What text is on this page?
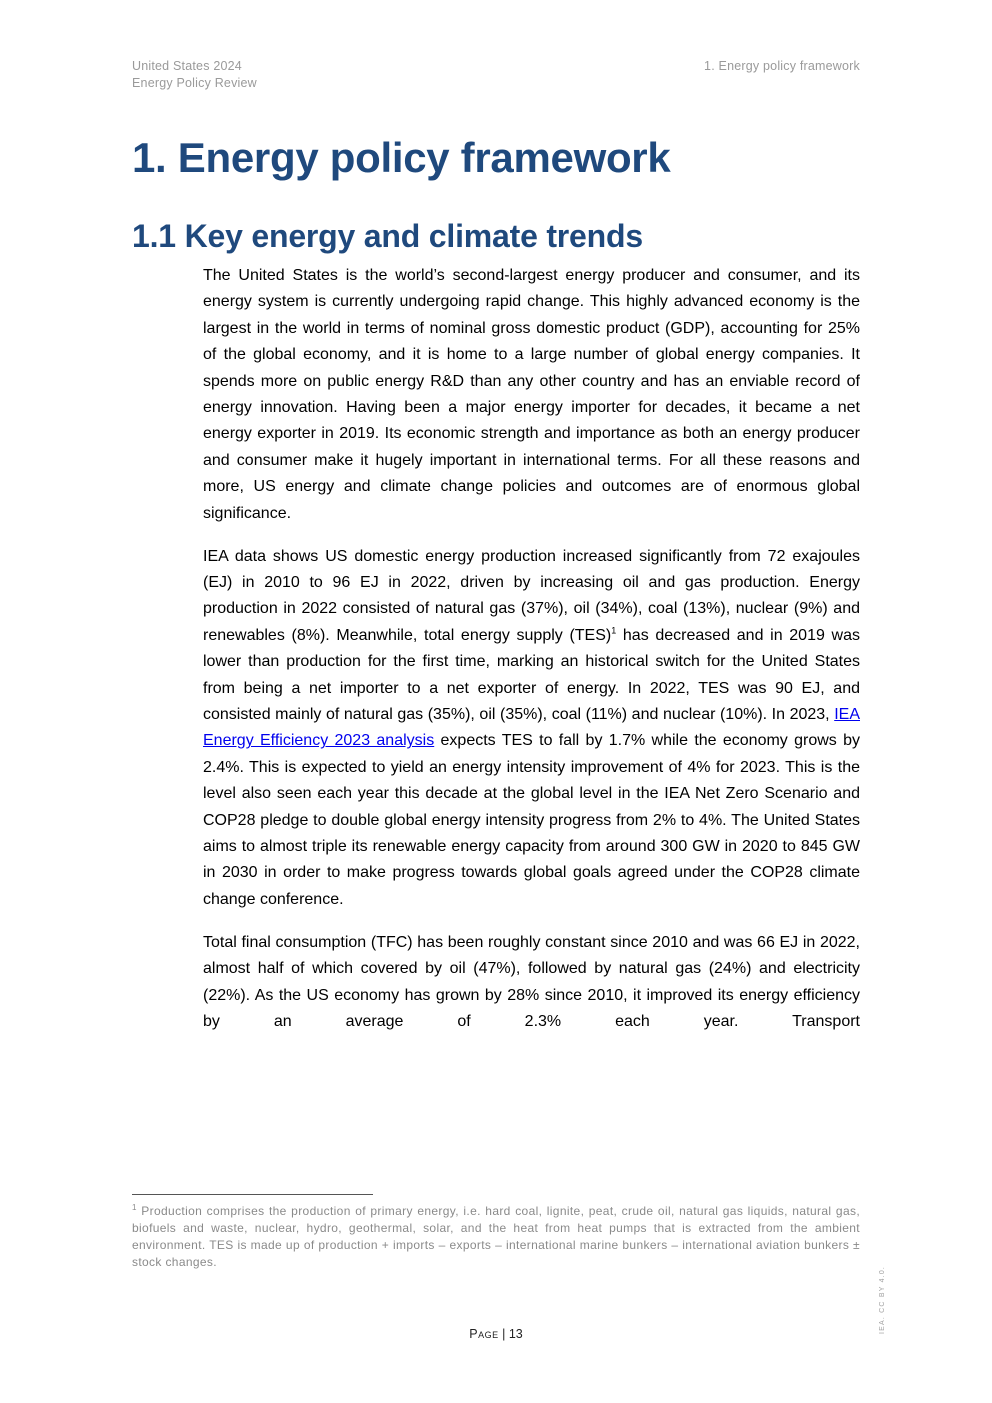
United States 2024
Energy Policy Review
1. Energy policy framework
1. Energy policy framework
1.1 Key energy and climate trends

The United States is the world’s second-largest energy producer and consumer, and its energy system is currently undergoing rapid change. This highly advanced economy is the largest in the world in terms of nominal gross domestic product (GDP), accounting for 25% of the global economy, and it is home to a large number of global energy companies. It spends more on public energy R&D than any other country and has an enviable record of energy innovation. Having been a major energy importer for decades, it became a net energy exporter in 2019. Its economic strength and importance as both an energy producer and consumer make it hugely important in international terms. For all these reasons and more, US energy and climate change policies and outcomes are of enormous global significance.

IEA data shows US domestic energy production increased significantly from 72 exajoules (EJ) in 2010 to 96 EJ in 2022, driven by increasing oil and gas production. Energy production in 2022 consisted of natural gas (37%), oil (34%), coal (13%), nuclear (9%) and renewables (8%). Meanwhile, total energy supply (TES)$^1$ has decreased and in 2019 was lower than production for the first time, marking an historical switch for the United States from being a net importer to a net exporter of energy. In 2022, TES was 90 EJ, and consisted mainly of natural gas (35%), oil (35%), coal (11%) and nuclear (10%). In 2023, IEA Energy Efficiency 2023 analysis expects TES to fall by 1.7% while the economy grows by 2.4%. This is expected to yield an energy intensity improvement of 4% for 2023. This is the level also seen each year this decade at the global level in the IEA Net Zero Scenario and COP28 pledge to double global energy intensity progress from 2% to 4%. The United States aims to almost triple its renewable energy capacity from around 300 GW in 2020 to 845 GW in 2030 in order to make progress towards global goals agreed under the COP28 climate change conference.

Total final consumption (TFC) has been roughly constant since 2010 and was 66 EJ in 2022, almost half of which covered by oil (47%), followed by natural gas (24%) and electricity (22%). As the US economy has grown by 28% since 2010, it improved its energy efficiency by an average of 2.3% each year. Transport

$^1$ Production comprises the production of primary energy, i.e. hard coal, lignite, peat, crude oil, natural gas liquids, natural gas, biofuels and waste, nuclear, hydro, geothermal, solar, and the heat from heat pumps that is extracted from the ambient environment. TES is made up of production + imports – exports – international marine bunkers – international aviation bunkers ± stock changes.
Page | 13	IEA. CC BY 4.0.
